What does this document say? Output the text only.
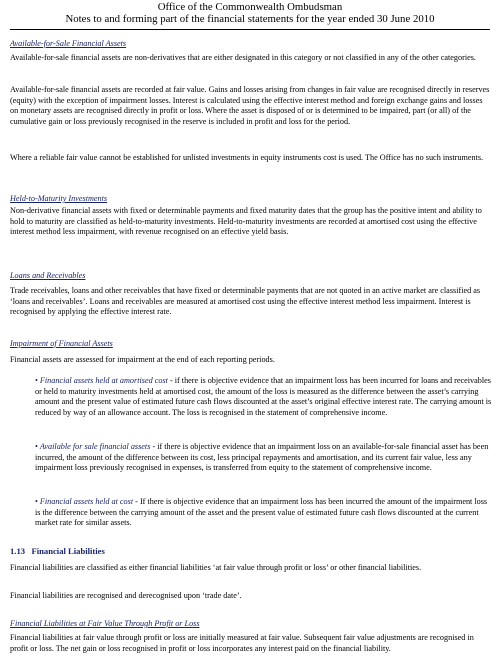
Office of the Commonwealth Ombudsman
Notes to and forming part of the financial statements for the year ended 30 June 2010

Available-for-Sale Financial Assets

Available-for-sale financial assets are non-derivatives that are either designated in this category or not classified in any of the other categories.

Available-for-sale financial assets are recorded at fair value. Gains and losses arising from changes in fair value are recognised directly in reserves (equity) with the exception of impairment losses. Interest is calculated using the effective interest method and foreign exchange gains and losses on monetary assets are recognised directly in profit or loss. Where the asset is disposed of or is determined to be impaired, part (or all) of the cumulative gain or loss previously recognised in the reserve is included in profit and loss for the period.

Where a reliable fair value cannot be established for unlisted investments in equity instruments cost is used. The Office has no such instruments.

Held-to-Maturity Investments

Non-derivative financial assets with fixed or determinable payments and fixed maturity dates that the group has the positive intent and ability to hold to maturity are classified as held-to-maturity investments. Held-to-maturity investments are recorded at amortised cost using the effective interest method less impairment, with revenue recognised on an effective yield basis.

Loans and Receivables

Trade receivables, loans and other receivables that have fixed or determinable payments that are not quoted in an active market are classified as ‘loans and receivables’. Loans and receivables are measured at amortised cost using the effective interest method less impairment. Interest is recognised by applying the effective interest rate.

Impairment of Financial Assets

Financial assets are assessed for impairment at the end of each reporting periods.

• Financial assets held at amortised cost - if there is objective evidence that an impairment loss has been incurred for loans and receivables or held to maturity investments held at amortised cost, the amount of the loss is measured as the difference between the asset’s carrying amount and the present value of estimated future cash flows discounted at the asset’s original effective interest rate. The carrying amount is reduced by way of an allowance account. The loss is recognised in the statement of comprehensive income.

• Available for sale financial assets - if there is objective evidence that an impairment loss on an available-for-sale financial asset has been incurred, the amount of the difference between its cost, less principal repayments and amortisation, and its current fair value, less any impairment loss previously recognised in expenses, is transferred from equity to the statement of comprehensive income.

• Financial assets held at cost - If there is objective evidence that an impairment loss has been incurred the amount of the impairment loss is the difference between the carrying amount of the asset and the present value of estimated future cash flows discounted at the current market rate for similar assets.

1.13 Financial Liabilities

Financial liabilities are classified as either financial liabilities ‘at fair value through profit or loss’ or other financial liabilities.

Financial liabilities are recognised and derecognised upon ‘trade date’.

Financial Liabilities at Fair Value Through Profit or Loss

Financial liabilities at fair value through profit or loss are initially measured at fair value. Subsequent fair value adjustments are recognised in profit or loss. The net gain or loss recognised in profit or loss incorporates any interest paid on the financial liability.
